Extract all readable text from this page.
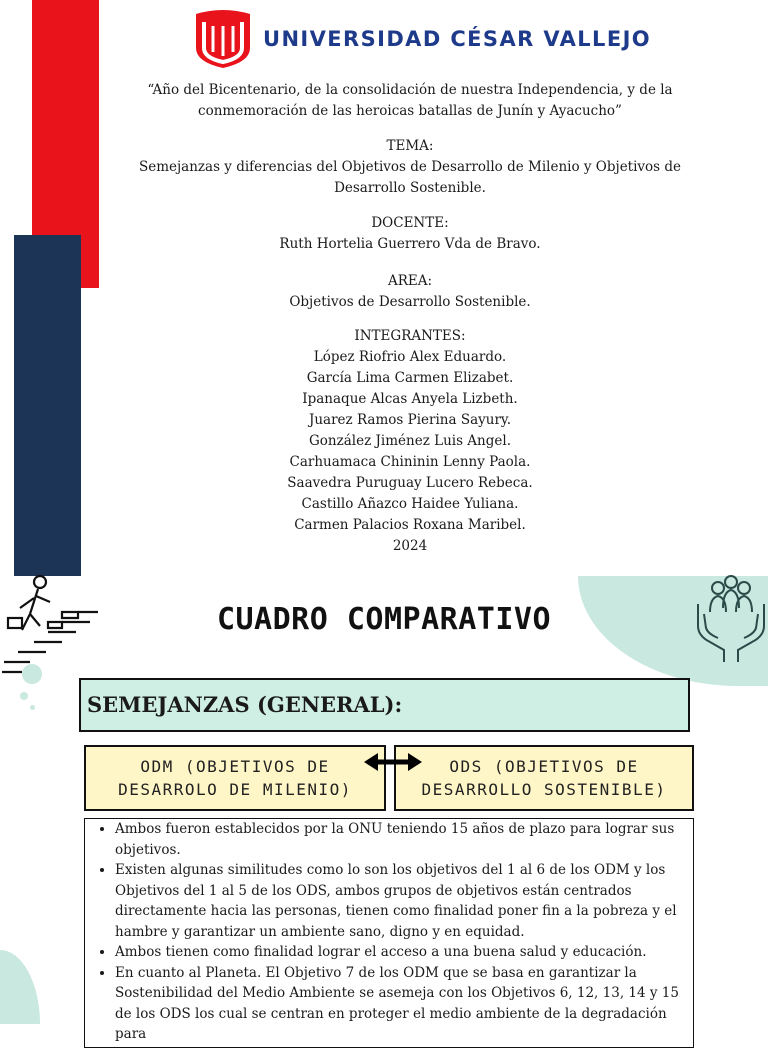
UNIVERSIDAD CÉSAR VALLEJO

“Año del Bicentenario, de la consolidación de nuestra Independencia, y de la conmemoración de las heroicas batallas de Junín y Ayacucho”

TEMA:

Semejanzas y diferencias del Objetivos de Desarrollo de Milenio y Objetivos de Desarrollo Sostenible.

DOCENTE:

Ruth Hortelia Guerrero Vda de Bravo.

AREA:

Objetivos de Desarrollo Sostenible.

INTEGRANTES:

López Riofrio Alex Eduardo.

García Lima Carmen Elizabet.

Ipanaque Alcas Anyela Lizbeth.

Juarez Ramos Pierina Sayury.

González Jiménez Luis Angel.

Carhuamaca Chininin Lenny Paola.

Saavedra Puruguay Lucero Rebeca.

Castillo Añazco Haidee Yuliana.

Carmen Palacios Roxana Maribel.

2024

CUADRO COMPARATIVO
SEMEJANZAS (GENERAL):
ODM (OBJETIVOS DE DESARROLO DE MILENIO)
ODS (OBJETIVOS DE DESARROLLO SOSTENIBLE)
• Ambos fueron establecidos por la ONU teniendo 15 años de plazo para lograr sus objetivos.
• Existen algunas similitudes como lo son los objetivos del 1 al 6 de los ODM y los Objetivos del 1 al 5 de los ODS, ambos grupos de objetivos están centrados directamente hacia las personas, tienen como finalidad poner fin a la pobreza y el hambre y garantizar un ambiente sano, digno y en equidad.
• Ambos tienen como finalidad lograr el acceso a una buena salud y educación.
• En cuanto al Planeta. El Objetivo 7 de los ODM que se basa en garantizar la Sostenibilidad del Medio Ambiente se asemeja con los Objetivos 6, 12, 13, 14 y 15 de los ODS los cual se centran en proteger el medio ambiente de la degradación para
